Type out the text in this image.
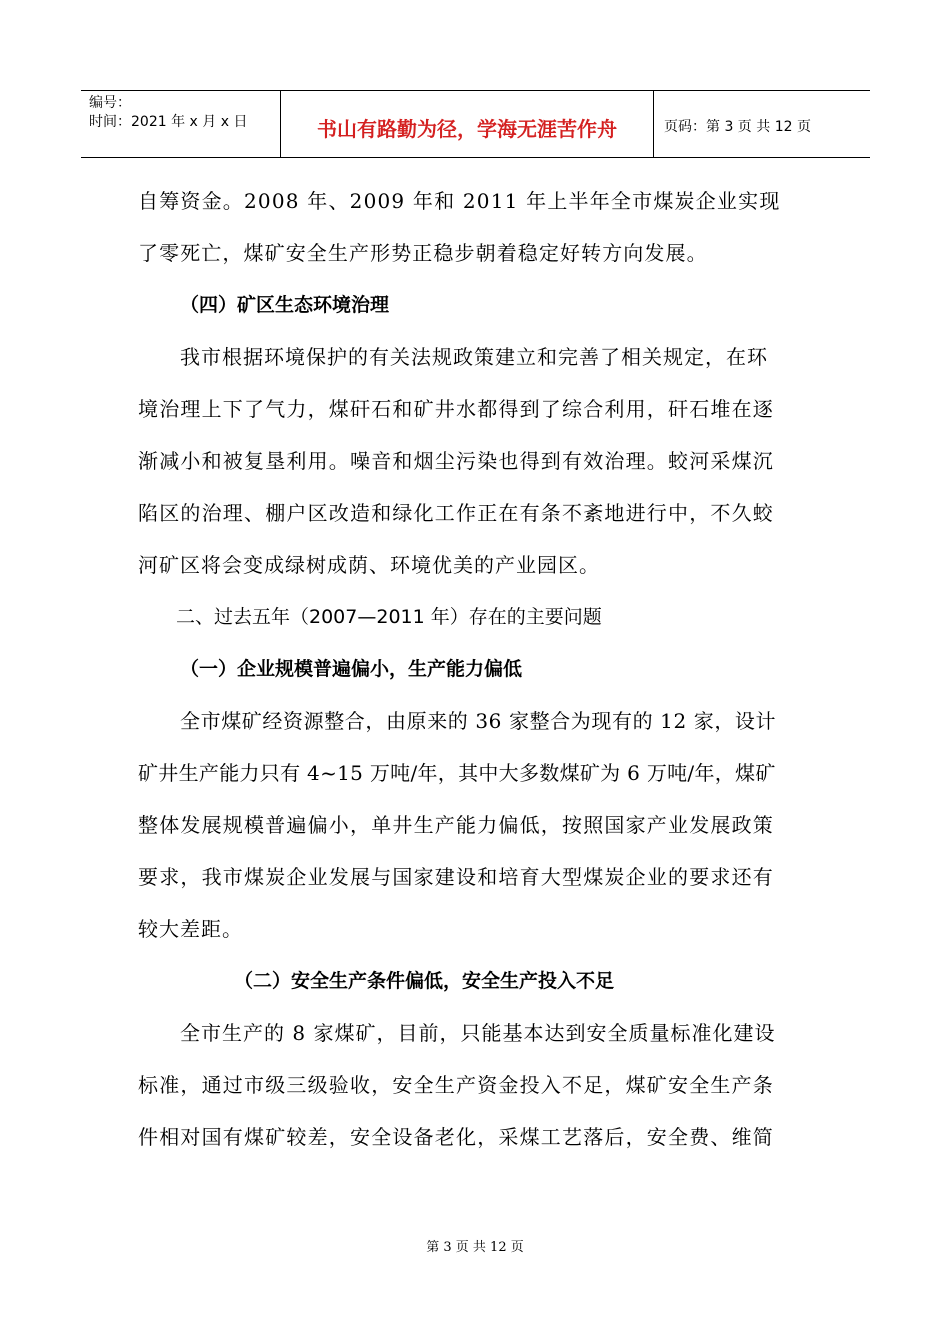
编号：
时间：2021 年 x 月 x 日	书山有路勤为径，学海无涯苦作舟	页码：第 3 页 共 12 页
自筹资金。2008 年、2009 年和 2011 年上半年全市煤炭企业实现
了零死亡，煤矿安全生产形势正稳步朝着稳定好转方向发展。
（四）矿区生态环境治理
我市根据环境保护的有关法规政策建立和完善了相关规定，在环
境治理上下了气力，煤矸石和矿井水都得到了综合利用，矸石堆在逐
渐减小和被复垦利用。噪音和烟尘污染也得到有效治理。蛟河采煤沉
陷区的治理、棚户区改造和绿化工作正在有条不紊地进行中，不久蛟
河矿区将会变成绿树成荫、环境优美的产业园区。
二、过去五年（2007—2011 年）存在的主要问题
（一）企业规模普遍偏小，生产能力偏低
全市煤矿经资源整合，由原来的 36 家整合为现有的 12 家，设计
矿井生产能力只有 4~15 万吨/年，其中大多数煤矿为 6 万吨/年，煤矿
整体发展规模普遍偏小，单井生产能力偏低，按照国家产业发展政策
要求，我市煤炭企业发展与国家建设和培育大型煤炭企业的要求还有
较大差距。
（二）安全生产条件偏低，安全生产投入不足
全市生产的 8 家煤矿，目前，只能基本达到安全质量标准化建设
标准，通过市级三级验收，安全生产资金投入不足，煤矿安全生产条
件相对国有煤矿较差，安全设备老化，采煤工艺落后，安全费、维简
第 3 页 共 12 页
